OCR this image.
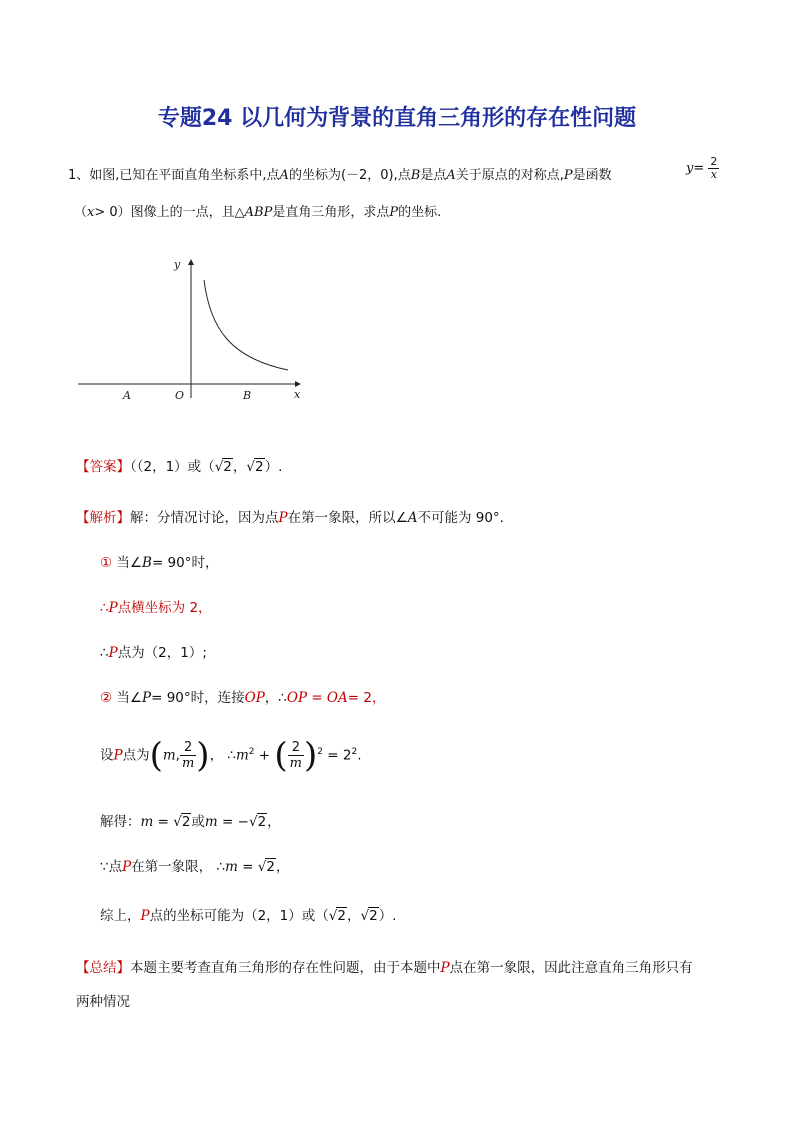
专题24 以几何为背景的直角三角形的存在性问题
1、如图,已知在平面直角坐标系中,点A的坐标为(－2，0),点B是点A关于原点的对称点,P是函数	$y= \frac{2}{x}$
（x> 0）图像上的一点，且△ABP是直角三角形，求点P的坐标.
y
x
O
A	B
【答案】（（2，1）或（√2，√2）.
【解析】解：分情况讨论，因为点P在第一象限，所以∠A不可能为 90°.
① 当∠B= 90°时，
∴P点横坐标为 2，
∴P点为（2，1）;
② 当∠P= 90°时，连接OP，∴OP = OA= 2，
设P点为(m, $\frac{2}{m}$ )， $\therefore m^2$ + ( $\frac{2}{m} )^2 = 2^2$.
解得：m = √2或m = −√2，
∵点P在第一象限， ∴m = √2，
综上，P点的坐标可能为（2，1）或（√2，√2）.
【总结】本题主要考查直角三角形的存在性问题，由于本题中P点在第一象限，因此注意直角三角形只有
两种情况
